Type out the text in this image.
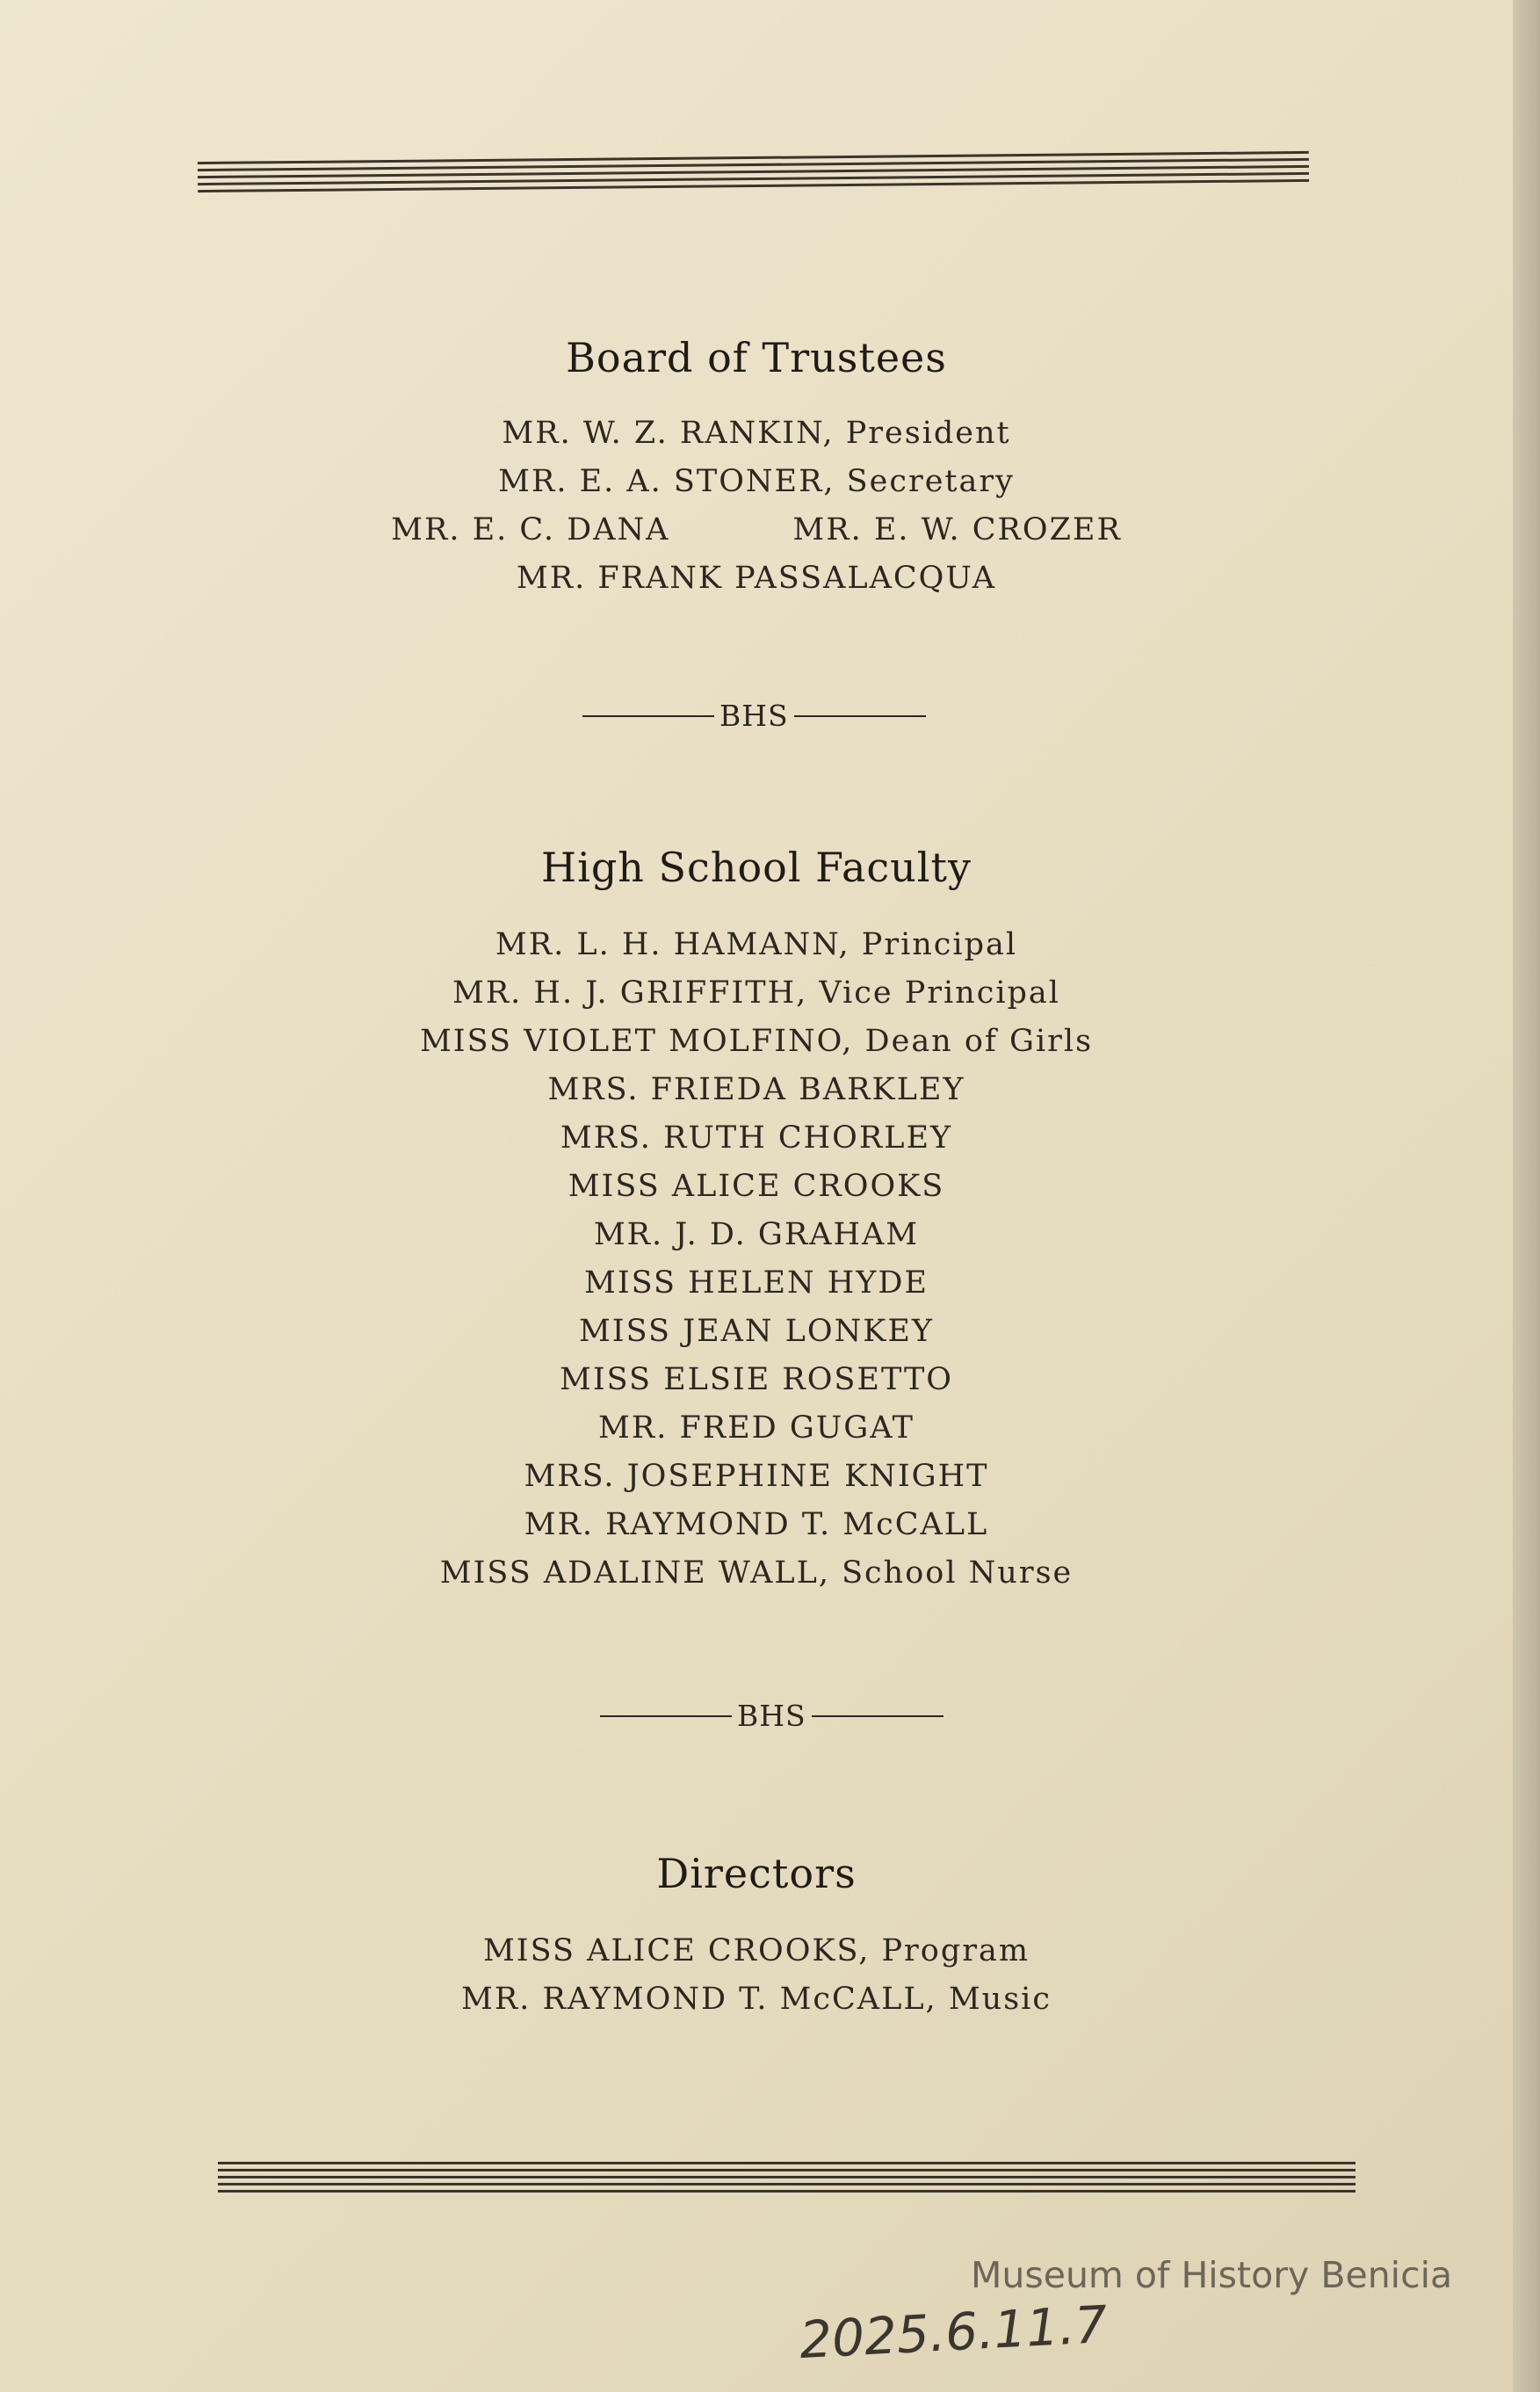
Board of Trustees
MR. W. Z. RANKIN, President
MR. E. A. STONER, Secretary
MR. E. C. DANA	MR. E. W. CROZER
MR. FRANK PASSALACQUA
BHS
High School Faculty
MR. L. H. HAMANN, Principal
MR. H. J. GRIFFITH, Vice Principal
MISS VIOLET MOLFINO, Dean of Girls
MRS. FRIEDA BARKLEY
MRS. RUTH CHORLEY
MISS ALICE CROOKS
MR. J. D. GRAHAM
MISS HELEN HYDE
MISS JEAN LONKEY
MISS ELSIE ROSETTO
MR. FRED GUGAT
MRS. JOSEPHINE KNIGHT
MR. RAYMOND T. McCALL
MISS ADALINE WALL, School Nurse
BHS
Directors
MISS ALICE CROOKS, Program
MR. RAYMOND T. McCALL, Music
Museum of History Benicia
2025.6.11.7
